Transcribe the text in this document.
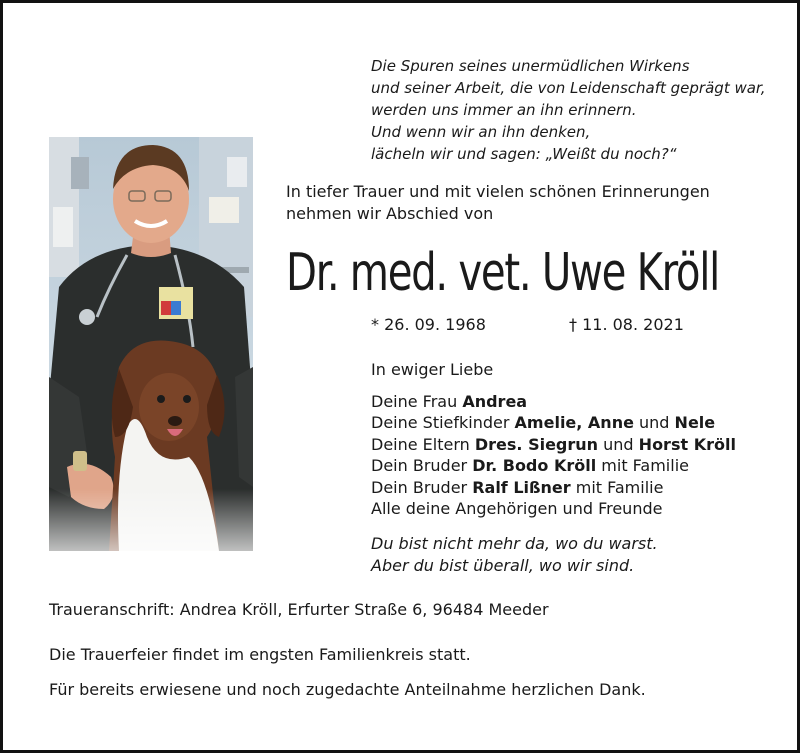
Die Spuren seines unermüdlichen Wirkens
und seiner Arbeit, die von Leidenschaft geprägt war,
werden uns immer an ihn erinnern.
Und wenn wir an ihn denken,
lächeln wir und sagen: „Weißt du noch?“
In tiefer Trauer und mit vielen schönen Erinnerungen nehmen wir Abschied von
Dr. med. vet. Uwe Kröll
* 26. 09. 1968	† 11. 08. 2021
In ewiger Liebe
Deine Frau Andrea
Deine Stiefkinder Amelie, Anne und Nele
Deine Eltern Dres. Siegrun und Horst Kröll
Dein Bruder Dr. Bodo Kröll mit Familie
Dein Bruder Ralf Lißner mit Familie
Alle deine Angehörigen und Freunde
Du bist nicht mehr da, wo du warst.
Aber du bist überall, wo wir sind.
Traueranschrift: Andrea Kröll, Erfurter Straße 6, 96484 Meeder
Die Trauerfeier findet im engsten Familienkreis statt.
Für bereits erwiesene und noch zugedachte Anteilnahme herzlichen Dank.
